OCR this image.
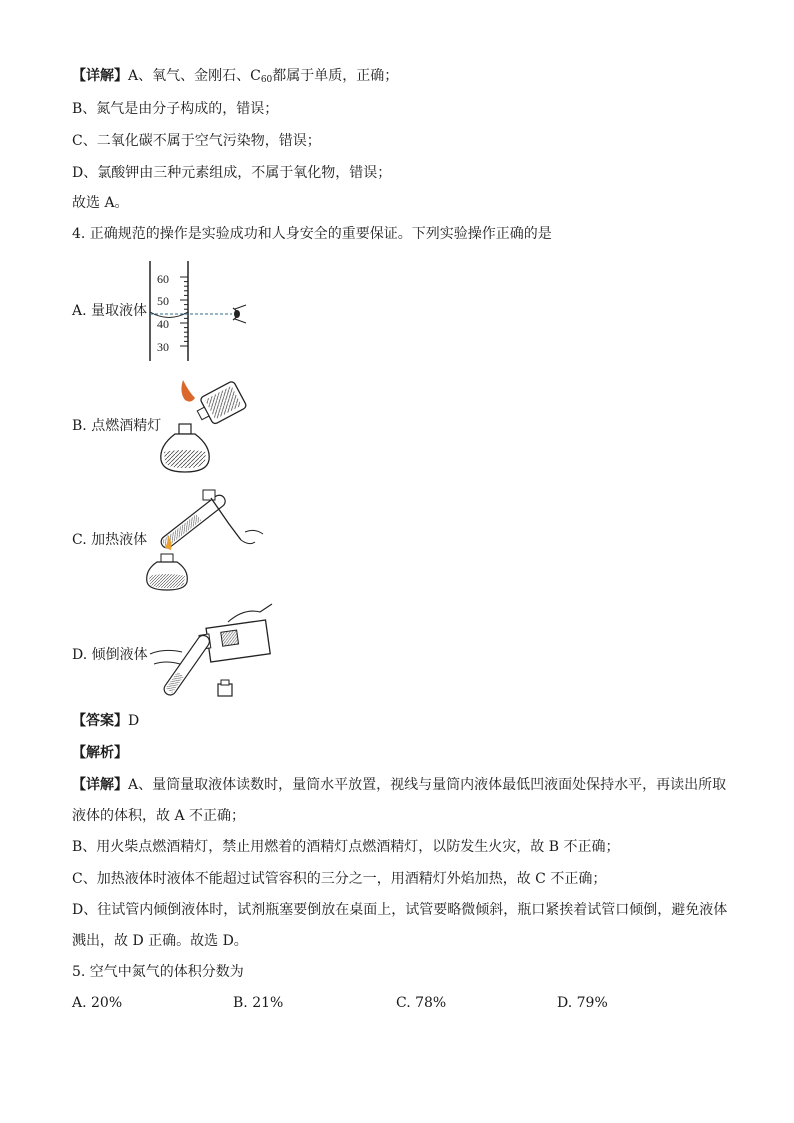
【详解】A、氧气、金刚石、$C_{60}$都属于单质，正确；
B、氮气是由分子构成的，错误；
C、二氧化碳不属于空气污染物，错误；
D、氯酸钾由三种元素组成，不属于氧化物，错误；
故选 A。
4. 正确规范的操作是实验成功和人身安全的重要保证。下列实验操作正确的是
A. 量取液体
60
50
40
30
B. 点燃酒精灯
C. 加热液体
D. 倾倒液体
【答案】D
【解析】
【详解】A、量筒量取液体读数时，量筒水平放置，视线与量筒内液体最低凹液面处保持水平，再读出所取液体的体积，故 A 不正确；
B、用火柴点燃酒精灯，禁止用燃着的酒精灯点燃酒精灯，以防发生火灾，故 B 不正确；
C、加热液体时液体不能超过试管容积的三分之一，用酒精灯外焰加热，故 C 不正确；
D、往试管内倾倒液体时，试剂瓶塞要倒放在桌面上，试管要略微倾斜，瓶口紧挨着试管口倾倒，避免液体溅出，故 D 正确。故选 D。
5. 空气中氮气的体积分数为
A. 20%	B. 21%	C. 78%	D. 79%
